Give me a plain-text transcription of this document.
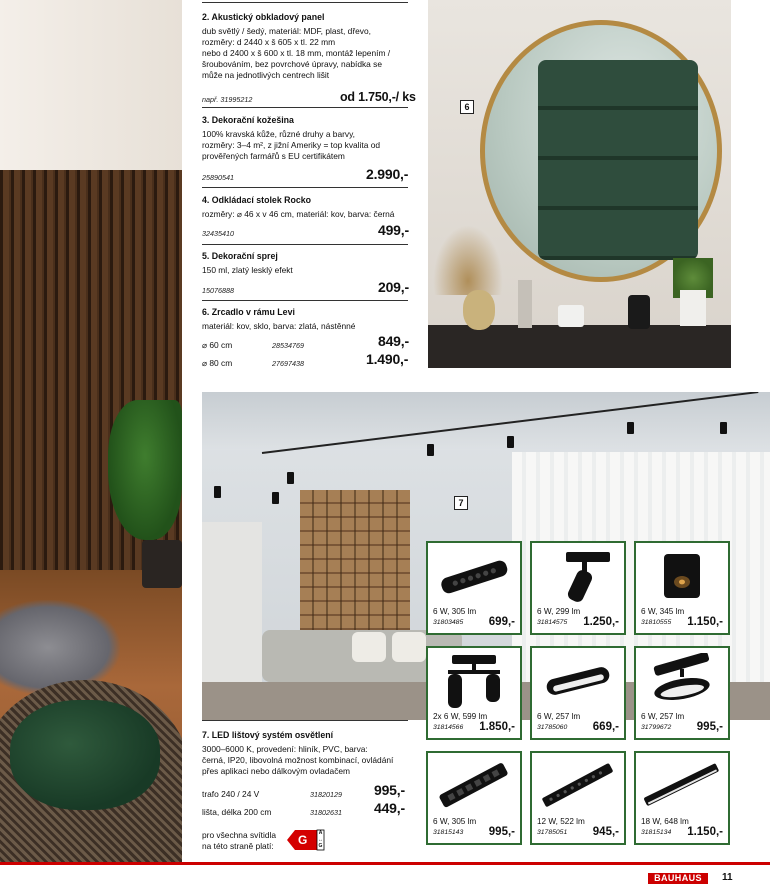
6
7
2. Akustický obkladový panel
dub světlý / šedý, materiál: MDF, plast, dřevo,
rozměry: d 2440 x š 605 x tl. 22 mm
nebo d 2400 x š 600 x tl. 18 mm, montáž lepením /
šroubováním, bez povrchové úpravy, nabídka se
může na jednotlivých centrech lišit
např. 31995212	od 1.750,-/ ks
3. Dekorační kožešina
100% kravská kůže, různé druhy a barvy,
rozměry: 3–4 m², z jižní Ameriky = top kvalita od
prověřených farmářů s EU certifikátem
25890541	2.990,-
4. Odkládací stolek Rocko
rozměry: ⌀ 46 x v 46 cm, materiál: kov, barva: černá
32435410	499,-
5. Dekorační sprej
150 ml, zlatý lesklý efekt
15076888	209,-
6. Zrcadlo v rámu Levi
materiál: kov, sklo, barva: zlatá, nástěnné
⌀ 60 cm	28534769	849,-
⌀ 80 cm	27697438	1.490,-
7. LED lištový systém osvětlení
3000–6000 K, provedení: hliník, PVC, barva:
černá, IP20, libovolná možnost kombinací, ovládání
přes aplikaci nebo dálkovým ovladačem
trafo 240 / 24 V	31820129 995,-
lišta, délka 200 cm	31802631 449,-
pro všechna svítidla
na této straně platí: G	A↔G
6 W, 305 lm
31803485 699,-
6 W, 299 lm
31814575 1.250,-
6 W, 345 lm
31810555 1.150,-
2x 6 W, 599 lm
31814566 1.850,-
6 W, 257 lm
31785060 669,-
6 W, 257 lm
31799672 995,-
6 W, 305 lm
31815143 995,-
12 W, 522 lm
31785051 945,-
18 W, 648 lm
31815134 1.150,-
BAUHAUS	11
